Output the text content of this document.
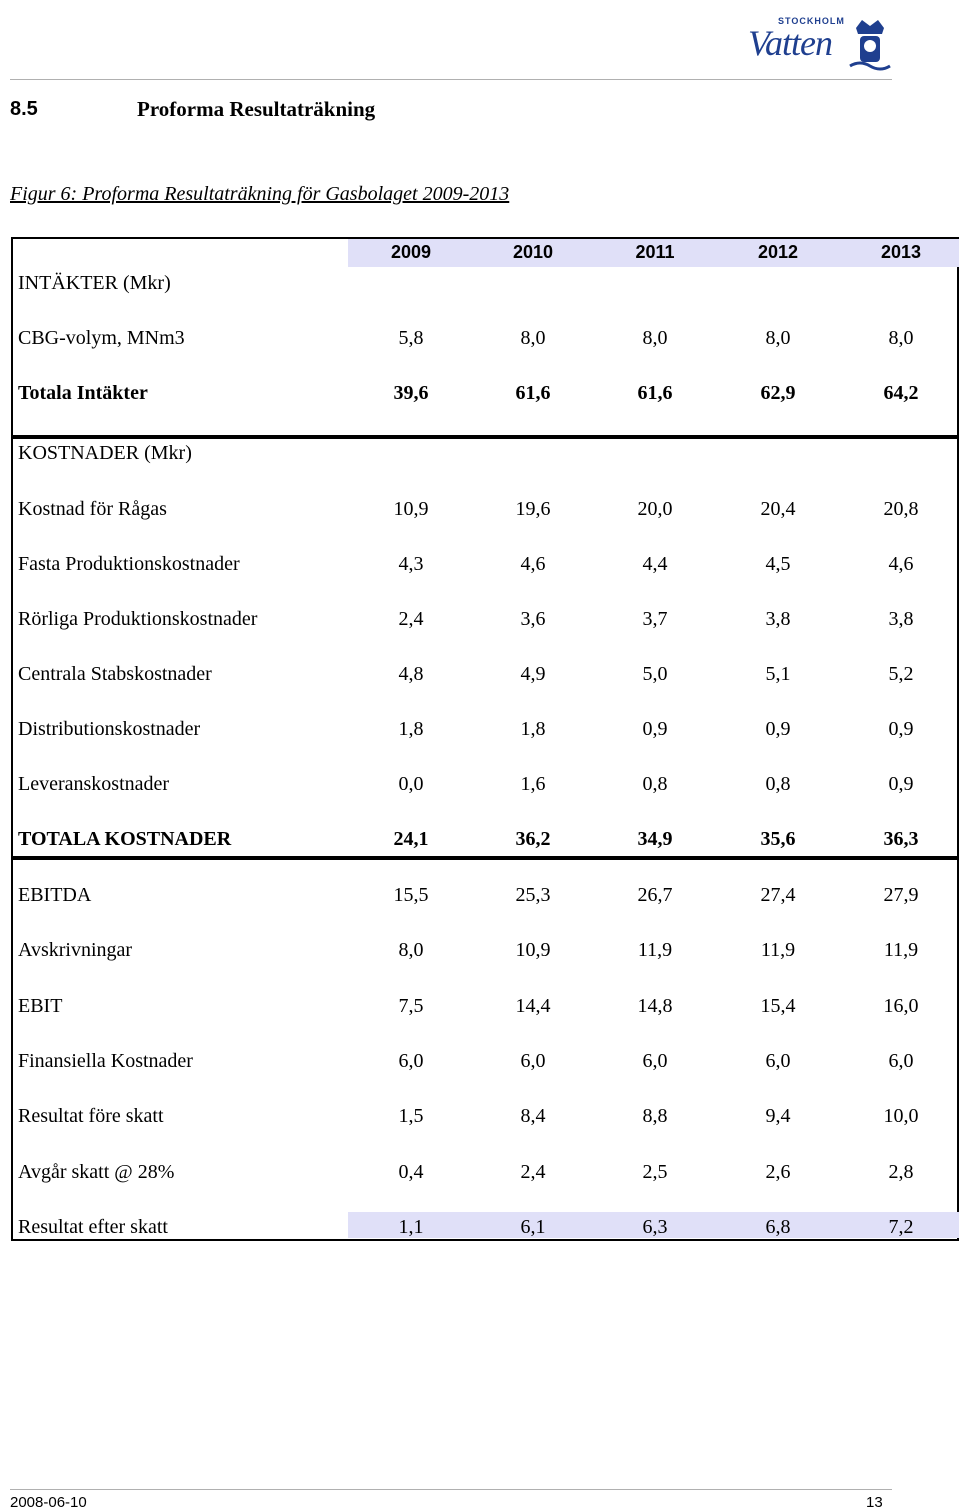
STOCKHOLM
Vatten
8.5	Proforma Resultaträkning
Figur 6: Proforma Resultaträkning för Gasbolaget 2009-2013
2009	2010	2011	2012	2013
INTÄKTER (Mkr)
CBG-volym, MNm3	5,8	8,0	8,0	8,0	8,0
Totala Intäkter	39,6	61,6	61,6	62,9	64,2
KOSTNADER (Mkr)
Kostnad för Rågas	10,9	19,6	20,0	20,4	20,8
Fasta Produktionskostnader	4,3	4,6	4,4	4,5	4,6
Rörliga Produktionskostnader	2,4	3,6	3,7	3,8	3,8
Centrala Stabskostnader	4,8	4,9	5,0	5,1	5,2
Distributionskostnader	1,8	1,8	0,9	0,9	0,9
Leveranskostnader	0,0	1,6	0,8	0,8	0,9
TOTALA KOSTNADER	24,1	36,2	34,9	35,6	36,3
EBITDA	15,5	25,3	26,7	27,4	27,9
Avskrivningar	8,0	10,9	11,9	11,9	11,9
EBIT	7,5	14,4	14,8	15,4	16,0
Finansiella Kostnader	6,0	6,0	6,0	6,0	6,0
Resultat före skatt	1,5	8,4	8,8	9,4	10,0
Avgår skatt @ 28%	0,4	2,4	2,5	2,6	2,8
Resultat efter skatt	1,1	6,1	6,3	6,8	7,2
2008-06-10	13
